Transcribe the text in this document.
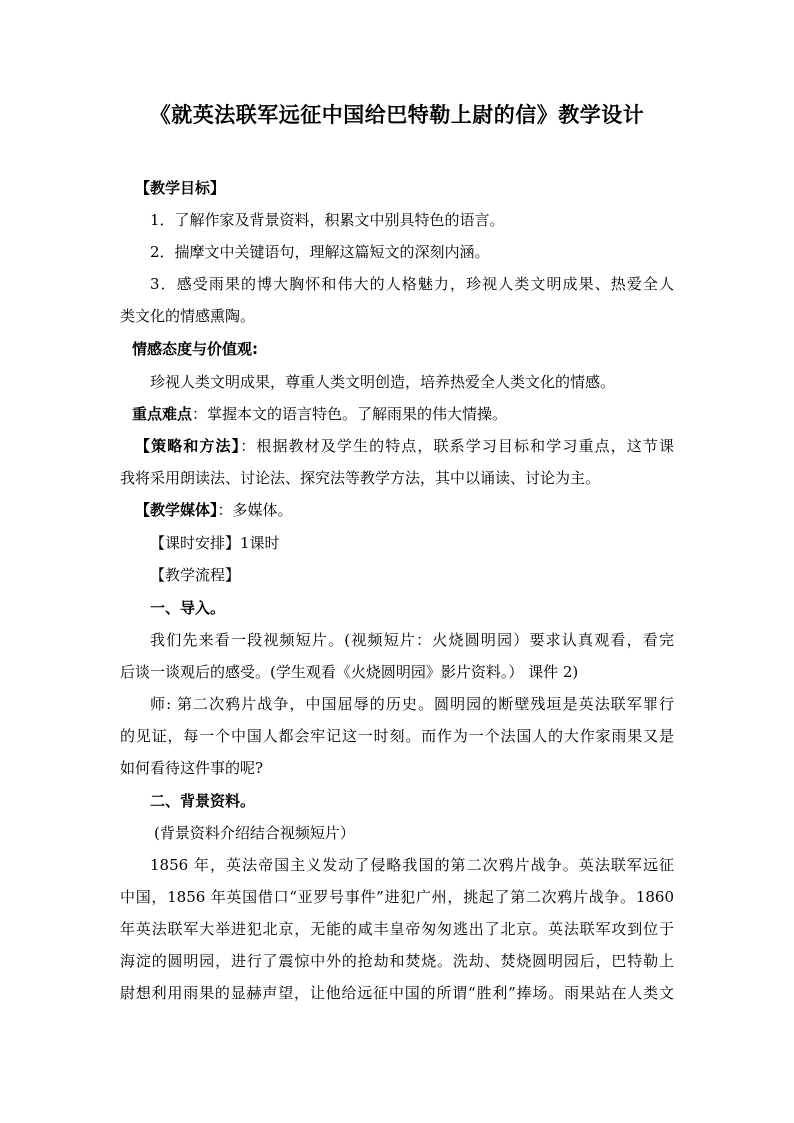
《就英法联军远征中国给巴特勒上尉的信》教学设计
【教学目标】
1．了解作家及背景资料，积累文中别具特色的语言。
2．揣摩文中关键语句，理解这篇短文的深刻内涵。
3．感受雨果的博大胸怀和伟大的人格魅力，珍视人类文明成果、热爱全人
类文化的情感熏陶。
情感态度与价值观:
珍视人类文明成果，尊重人类文明创造，培养热爱全人类文化的情感。
重点难点：掌握本文的语言特色。了解雨果的伟大情操。
【策略和方法】：根据教材及学生的特点，联系学习目标和学习重点，这节课
我将采用朗读法、讨论法、探究法等教学方法，其中以诵读、讨论为主。
【教学媒体】：多媒体。
【课时安排】1课时
【教学流程】
一、导入。
我们先来看一段视频短片。(视频短片：火烧圆明园）要求认真观看，看完
后谈一谈观后的感受。(学生观看《火烧圆明园》影片资料。） 课件 2)
师: 第二次鸦片战争，中国屈辱的历史。圆明园的断壁残垣是英法联军罪行
的见证，每一个中国人都会牢记这一时刻。而作为一个法国人的大作家雨果又是
如何看待这件事的呢?
二、背景资料。
(背景资料介绍结合视频短片）
1856 年，英法帝国主义发动了侵略我国的第二次鸦片战争。英法联军远征
中国，1856 年英国借口“亚罗号事件”进犯广州，挑起了第二次鸦片战争。1860
年英法联军大举进犯北京，无能的咸丰皇帝匆匆逃出了北京。英法联军攻到位于
海淀的圆明园，进行了震惊中外的抢劫和焚烧。洗劫、焚烧圆明园后，巴特勒上
尉想利用雨果的显赫声望，让他给远征中国的所谓“胜利”捧场。雨果站在人类文
